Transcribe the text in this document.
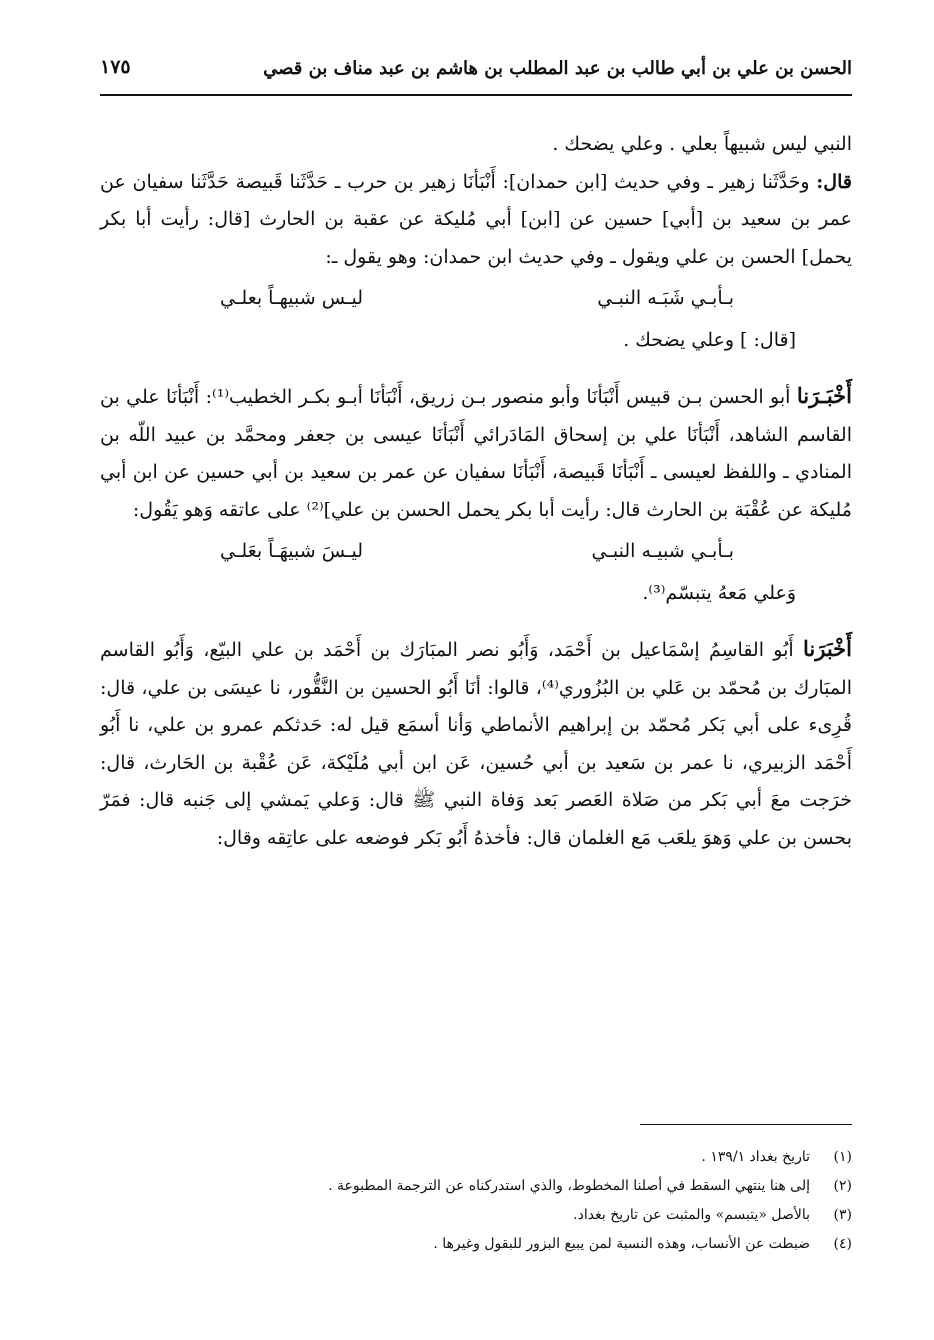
الحسن بن علي بن أبي طالب بن عبد المطلب بن هاشم بن عبد مناف بن قصي
١٧٥

النبي ليس شبيهاً بعلي . وعلي يضحك .

قال: وحَدَّثَنا زهير ـ وفي حديث [ابن حمدان]: أَنْبَأنَا زهير بن حرب ـ حَدَّثَنا قَبيصة حَدَّثَنا سفيان عن عمر بن سعيد بن [أبي] حسين عن [ابن] أبي مُليكة عن عقبة بن الحارث [قال: رأيت أبا بكر يحمل] الحسن بن علي ويقول ـ وفي حديث ابن حمدان: وهو يقول ـ:

بـأبـي شَبَـه النبـي
ليـس شبيهـاً بعلـي

[قال: ] وعلي يضحك .

أَخْبَـرَنا أبو الحسن بـن قبيس أَنْبَأنَا وأبو منصور بـن زريق، أَنْبَأنَا أبـو بكـر الخطيب⁽¹⁾: أَنْبَأنَا علي بن القاسم الشاهد، أَنْبَأنَا علي بن إسحاق المَادَرائي أَنْبَأنَا عيسى بن جعفر ومحمَّد بن عبيد اللّه بن المنادي ـ واللفظ لعيسى ـ أَنْبَأنَا قَبيصة، أَنْبَأنَا سفيان عن عمر بن سعيد بن أبي حسين عن ابن أبي مُليكة عن عُقْبَة بن الحارث قال: رأيت أبا بكر يحمل الحسن بن علي]⁽²⁾ على عاتقه وَهو يَقُول:

بـأبـي شبيـه النبـي
ليـسَ شبيهَـاً بعَلـي

وَعلي مَعهُ يتبسّم⁽³⁾.

أَخْبَرَنا أَبُو القاسِمُ إسْمَاعيل بن أَحْمَد، وَأَبُو نصر المبَارَك بن أَحْمَد بن علي البيّع، وَأَبُو القاسم المبَارك بن مُحمّد بن عَلي بن البُزُوري⁽⁴⁾، قالوا: أنَا أَبُو الحسين بن النَّقُّور، نا عيسَى بن علي، قال: قُرِىء على أبي بَكر مُحمّد بن إبراهيم الأنماطي وَأنا أسمَع قيل له: حَدثكم عمرو بن علي، نا أَبُو أَحْمَد الزبيري، نا عمر بن سَعيد بن أبي حُسين، عَن ابن أبي مُلَيْكة، عَن عُقْبة بن الحَارث، قال: خرَجت معَ أبي بَكر من صَلاة العَصر بَعد وَفاة النبي ﷺ قال: وَعلي يَمشي إلى جَنبه قال: فمَرّ بحسن بن علي وَهوَ يلعَب مَع الغلمان قال: فأخذهُ أَبُو بَكر فوضعه على عاتِقه وقال:

(١)
تاريخ بغداد ١٣٩/١ .
(٢)
إلى هنا ينتهي السقط في أصلنا المخطوط، والذي استدركناه عن الترجمة المطبوعة .
(٣)
بالأصل «يتبسم» والمثبت عن تاريخ بغداد.
(٤)
ضبطت عن الأنساب، وهذه النسبة لمن يبيع البزور للبقول وغيرها .
